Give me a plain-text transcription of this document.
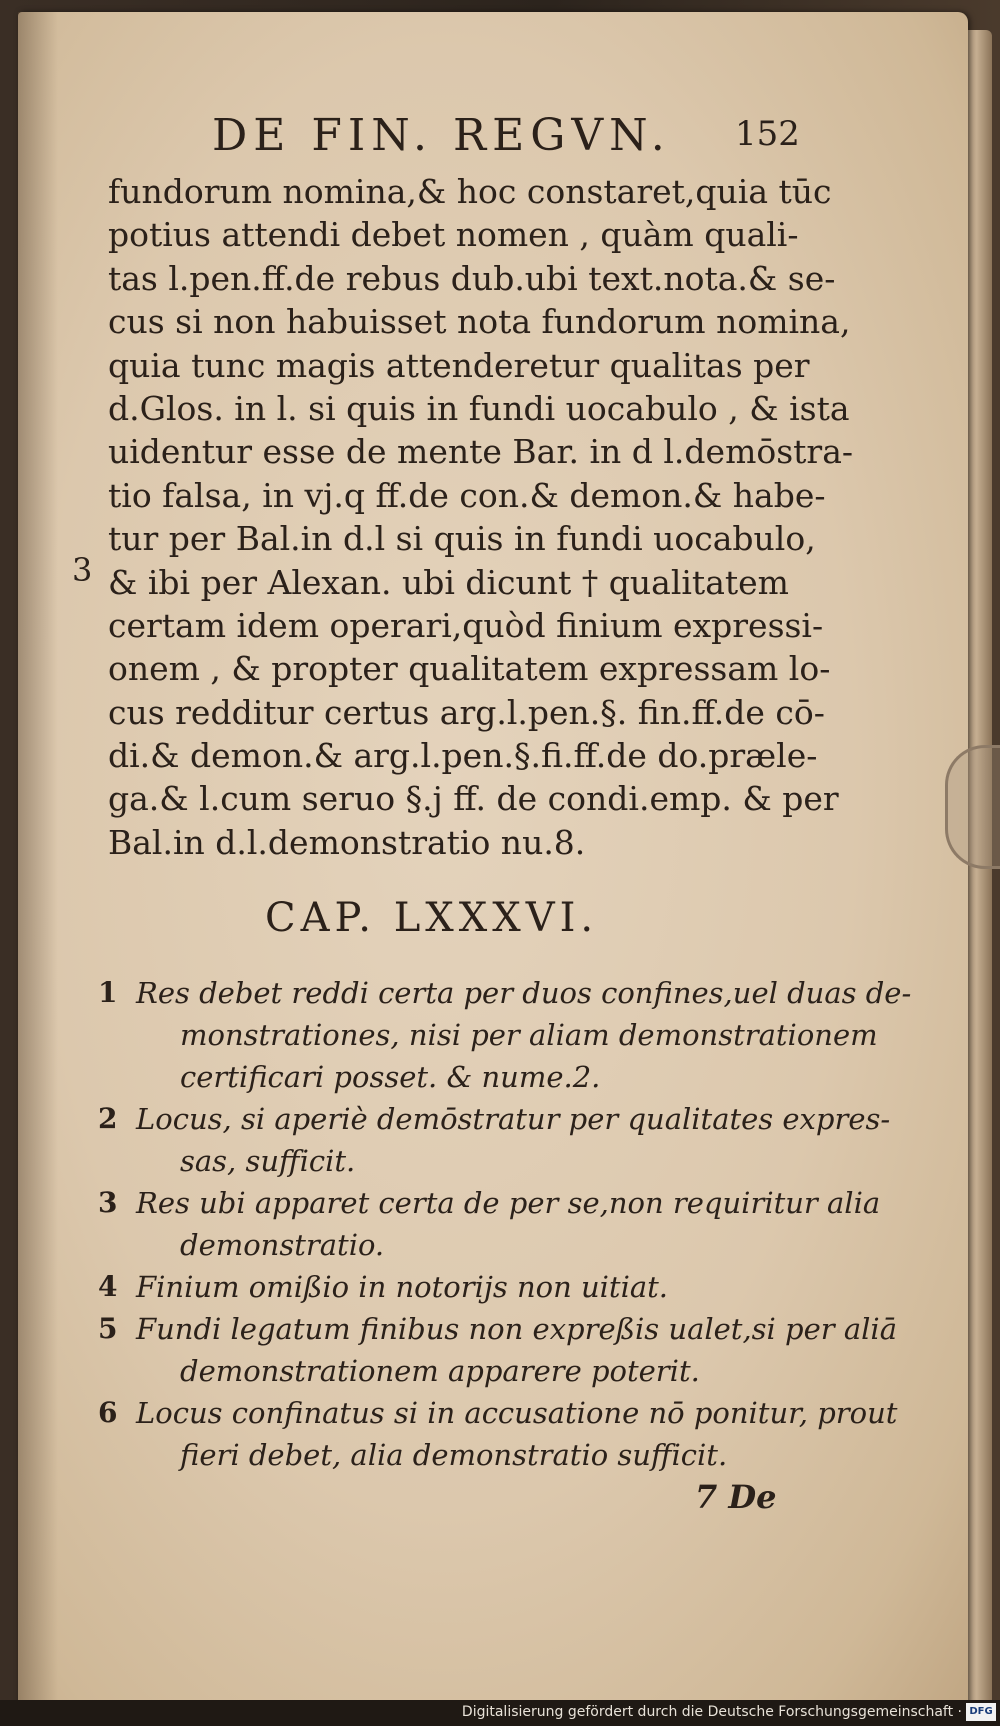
DE FIN. REGVN.	152
fundorum nomina,& hoc constaret,quia tūc
potius attendi debet nomen , quàm quali-
tas l.pen.ff.de rebus dub.ubi text.nota.& se-
cus si non habuisset nota fundorum nomina,
quia tunc magis attenderetur qualitas per
d.Glos. in l. si quis in fundi uocabulo , & ista
uidentur esse de mente Bar. in d l.demōstra-
tio falsa, in vj.q ff.de con.& demon.& habe-
tur per Bal.in d.l si quis in fundi uocabulo,
& ibi per Alexan. ubi dicunt † qualitatem
certam idem operari,quòd finium expressi-
onem , & propter qualitatem expressam lo-
cus redditur certus arg.l.pen.§. fin.ff.de cō-
di.& demon.& arg.l.pen.§.fi.ff.de do.præle-
ga.& l.cum seruo §.j ff. de condi.emp. & per
Bal.in d.l.demonstratio nu.8.
3
CAP. LXXXVI.
1 Res debet reddi certa per duos confines,uel duas de-
monstrationes, nisi per aliam demonstrationem
certificari posset. & nume.2.
2 Locus, si aperiè demōstratur per qualitates expres-
sas, sufficit.
3 Res ubi apparet certa de per se,non requiritur alia
demonstratio.
4 Finium omißio in notorijs non uitiat.
5 Fundi legatum finibus non expreßis ualet,si per aliā
demonstrationem apparere poterit.
6 Locus confinatus si in accusatione nō ponitur, prout
fieri debet, alia demonstratio sufficit.
7 De
Digitalisierung gefördert durch die Deutsche Forschungsgemeinschaft · DFG
